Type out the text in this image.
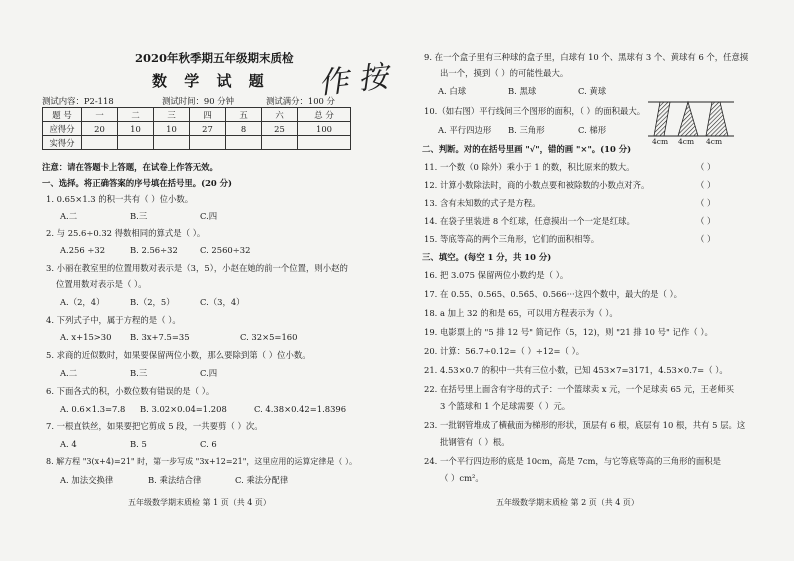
2020年秋季期五年级期末质检
数 学 试 题 作 按
测试内容：P2-118	测试时间：90 分钟	测试满分：100 分
题 号	一	二	三	四	五	六	总 分
应得分	20	10	10	27	8	25	100
实得分							
注意：请在答题卡上答题，在试卷上作答无效。
一、选择。将正确答案的序号填在括号里。(20 分)
1. 0.65×1.3 的积一共有（ ）位小数。
A.二	B.三	C.四
2. 与 25.6÷0.32 得数相同的算式是（ ）。
A.256 ÷32	B. 2.56÷32	C. 2560÷32
3. 小丽在教室里的位置用数对表示是（3，5），小赵在她的前一个位置，则小赵的
位置用数对表示是（ ）。
A.（2，4）	B.（2，5）	C.（3，4）
4. 下列式子中，属于方程的是（ ）。
A. x+15>30 B. 3x+7.5=35	C. 32×5=160
5. 求商的近似数时，如果要保留两位小数，那么要除到第（ ）位小数。
A.二	B.三	C.四
6. 下面各式的积，小数位数有错误的是（ ）。
A. 0.6×1.3=7.8 B. 3.02×0.04=1.208	C. 4.38×0.42=1.8396
7. 一根直铁丝，如果要把它剪成 5 段，一共要剪（ ）次。
A. 4	B. 5	C. 6
8. 解方程 "3(x+4)=21" 时，第一步写成 "3x+12=21"，这里应用的运算定律是（ ）。
A. 加法交换律	B. 乘法结合律	C. 乘法分配律
五年级数学期末质检 第 1 页（共 4 页）
9. 在一个盒子里有三种球的盒子里，白球有 10 个、黑球有 3 个、黄球有 6 个，任意摸
出一个，摸到（ ）的可能性最大。
A. 白球	B. 黑球	C. 黄球
10.（如右图）平行线间三个图形的面积，（ ）的面积最大。
A. 平行四边形 B. 三角形	C. 梯形
4cm 4cm 4cm
二、判断。对的在括号里画 "√"，错的画 "×"。(10 分)
11. 一个数（0 除外）乘小于 1 的数，积比原来的数大。	（ ）
12. 计算小数除法时，商的小数点要和被除数的小数点对齐。	（ ）
13. 含有未知数的式子是方程。	（ ）
14. 在袋子里装进 8 个红球，任意摸出一个一定是红球。	（ ）
15. 等底等高的两个三角形，它们的面积相等。	（ ）
三、填空。(每空 1 分，共 10 分)
16. 把 3.075 保留两位小数约是（ ）。
17. 在 0.55、0.565、0.56̇5̇、0.566···这四个数中，最大的是（ ）。
18. a 加上 32 的和是 65，可以用方程表示为（ ）。
19. 电影票上的 "5 排 12 号" 简记作（5，12)，则 "21 排 10 号" 记作（ ）。
20. 计算：56.7÷0.12=（ ）÷12=（ ）。
21. 4.53×0.7 的积中一共有三位小数，已知 453×7=3171，4.53×0.7=（ ）。
22. 在括号里上面含有字母的式子：一个篮球卖 x 元，一个足球卖 65 元，王老师买
3 个篮球和 1 个足球需要（ ）元。
23. 一批钢管堆成了横截面为梯形的形状，顶层有 6 根，底层有 10 根，共有 5 层。这
批钢管有（ ）根。
24. 一个平行四边形的底是 10cm，高是 7cm，与它等底等高的三角形的面积是
（ ）cm²。
五年级数学期末质检 第 2 页（共 4 页）
